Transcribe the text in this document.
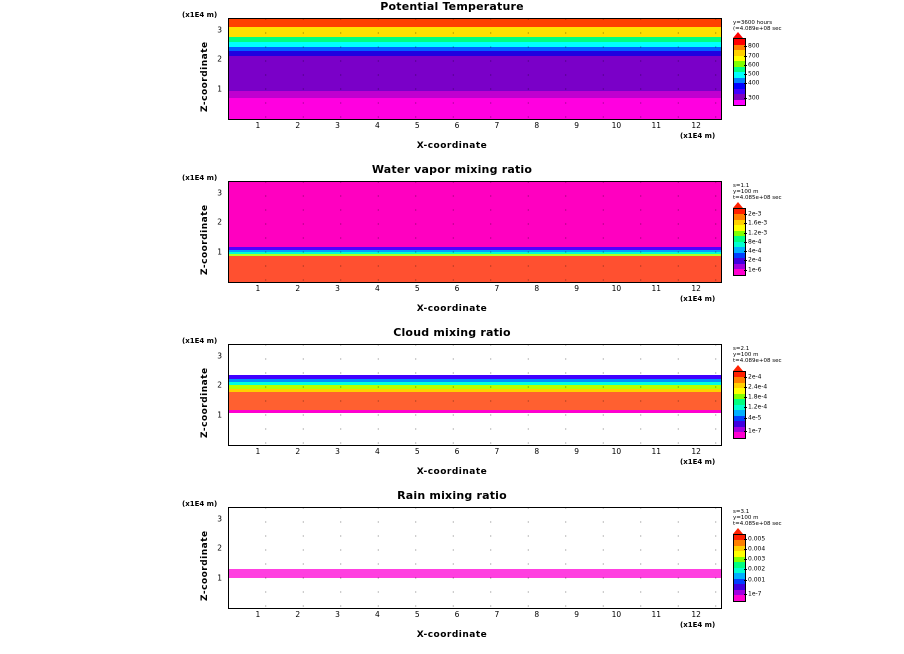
Potential Temperature
(x1E4 m)
1
2
3
Z-coordinate
1	2	3	4	5	6	7	8	9	10	11	12
(x1E4 m)
X-coordinate
y=3600 hours
(=4.089e+08 sec
800
700
600
500
400
300
Water vapor mixing ratio
(x1E4 m)
1
2
3
Z-coordinate
1	2	3	4	5	6	7	8	9	10	11	12
(x1E4 m)
X-coordinate
s=1.1
y=100 m
t=4.085e+08 sec
2e-3
1.6e-3
1.2e-3
8e-4
4e-4
2e-4
1e-6
Cloud mixing ratio
(x1E4 m)
1
2
3
Z-coordinate
1	2	3	4	5	6	7	8	9	10	11	12
(x1E4 m)
X-coordinate
s=2.1
y=100 m
t=4.089e+08 sec
2e-4
2.4e-4
1.8e-4
1.2e-4
4e-5
1e-7
Rain mixing ratio
(x1E4 m)
1
2
3
Z-coordinate
1	2	3	4	5	6	7	8	9	10	11	12
(x1E4 m)
X-coordinate
s=3.1
y=100 m
t=4.085e+08 sec
0.005
0.004
0.003
0.002
0.001
1e-7
